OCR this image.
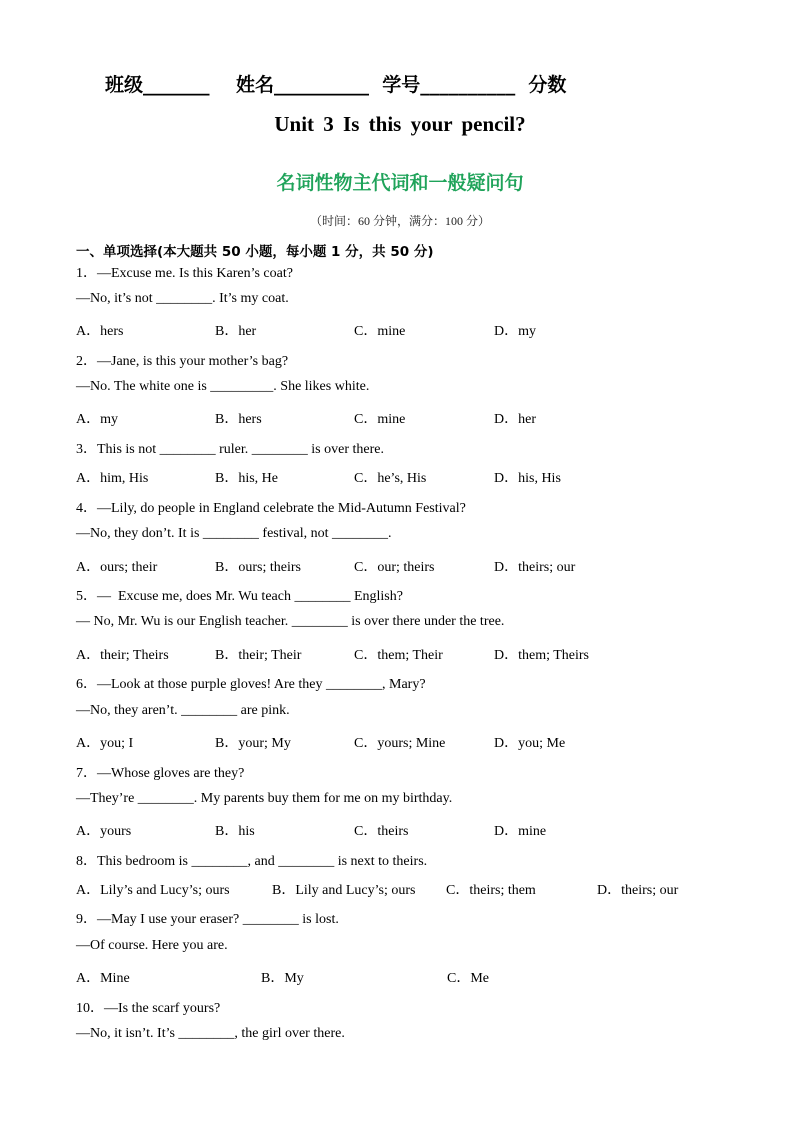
班级_______    姓名__________  学号__________  分数
Unit 3 Is this your pencil?
名词性物主代词和一般疑问句
（时间：60 分钟，满分：100 分）
一、单项选择(本大题共 50 小题，每小题 1 分，共 50 分)
1．—Excuse me. Is this Karen’s coat?
—No, it’s not ________. It’s my coat.
A．hers	B．her	C．mine	D．my
2．—Jane, is this your mother’s bag?
—No. The white one is _________. She likes white.
A．my	B．hers	C．mine	D．her
3．This is not ________ ruler. ________ is over there.
A．him, His	B．his, He	C．he’s, His	D．his, His
4．—Lily, do people in England celebrate the Mid-Autumn Festival?
—No, they don’t. It is ________ festival, not ________.
A．ours; their	B．ours; theirs	C．our; theirs	D．theirs; our
5．—  Excuse me, does Mr. Wu teach ________ English?
— No, Mr. Wu is our English teacher. ________ is over there under the tree.
A．their; Theirs	B．their; Their	C．them; Their	D．them; Theirs
6．—Look at those purple gloves! Are they ________, Mary?
—No, they aren’t. ________ are pink.
A．you; I	B．your; My	C．yours; Mine	D．you; Me
7．—Whose gloves are they?
—They’re ________. My parents buy them for me on my birthday.
A．yours	B．his	C．theirs	D．mine
8．This bedroom is ________, and ________ is next to theirs.
A．Lily’s and Lucy’s; ours	B．Lily and Lucy’s; ours C．theirs; them	D．theirs; our
9．—May I use your eraser? ________ is lost.
—Of course. Here you are.
A．Mine	B．My	C．Me
10．—Is the scarf yours?
—No, it isn’t. It’s ________, the girl over there.
